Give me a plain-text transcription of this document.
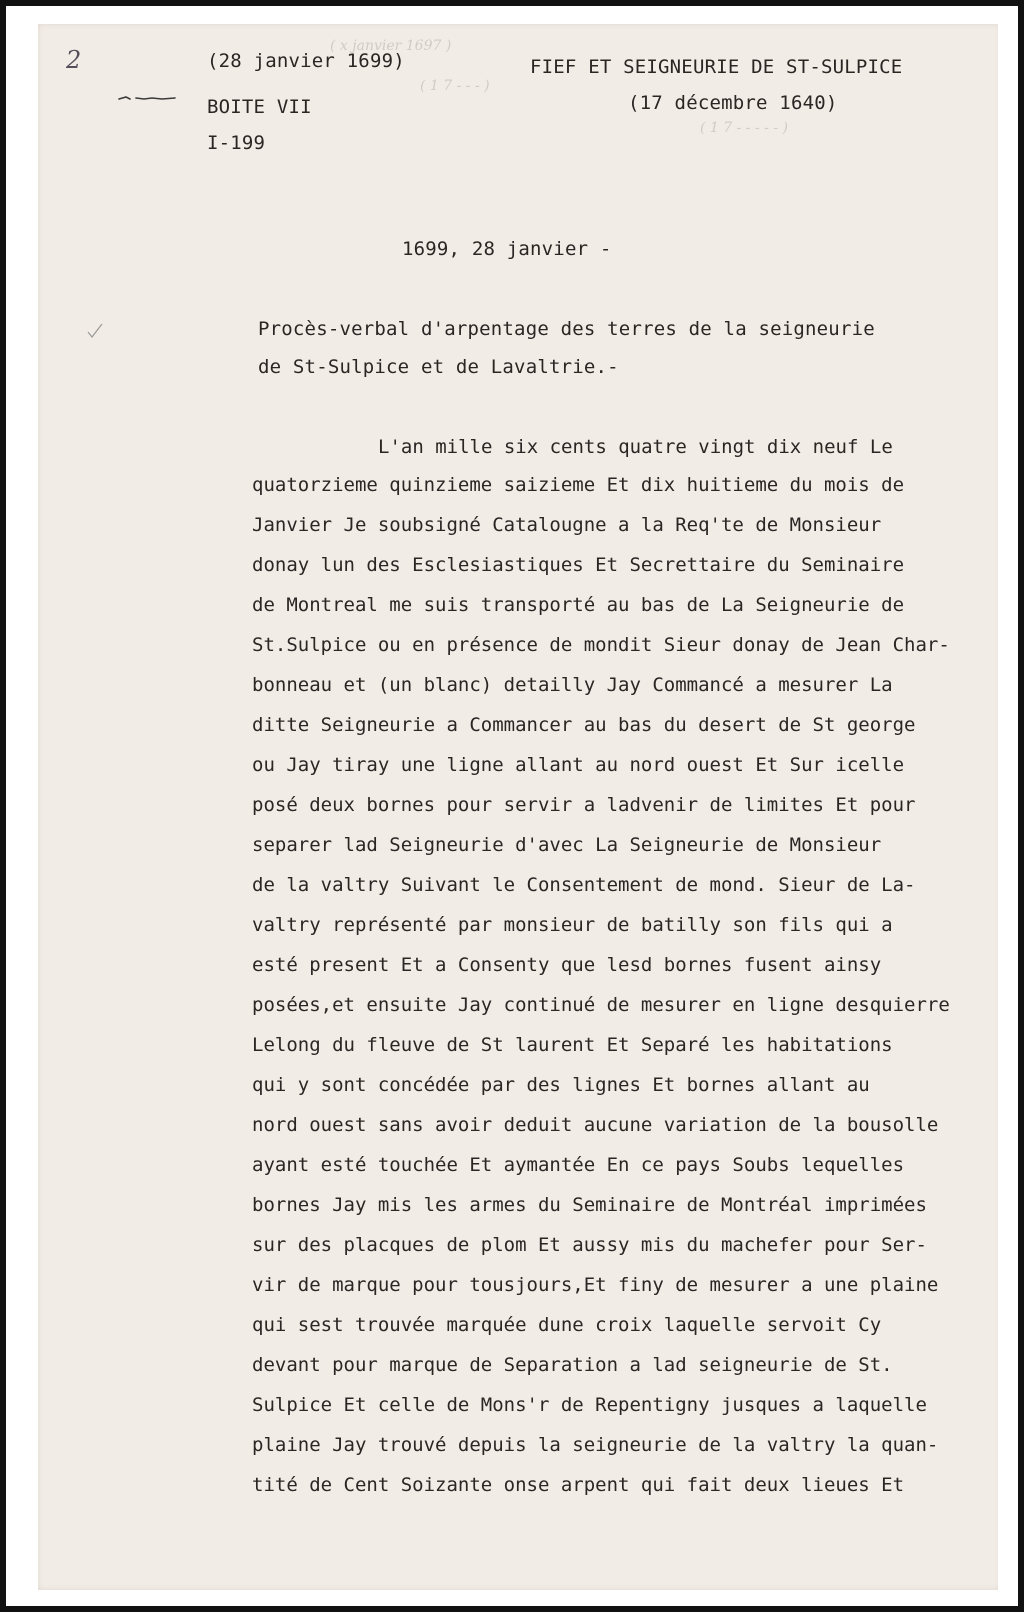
2	( x janvier 1697 )
( 1 7 - - - )
( 1 7 - - - - - )
(28 janvier 1699)
BOITE VII
I-199
FIEF ET SEIGNEURIE DE ST-SULPICE
(17 décembre 1640)
1699, 28 janvier -
Procès-verbal d'arpentage des terres de la seigneurie
de St-Sulpice et de Lavaltrie.-
L'an mille six cents quatre vingt dix neuf Le
quatorzieme quinzieme saizieme Et dix huitieme du mois de
Janvier Je soubsigné Catalougne a la Req'te de Monsieur
donay lun des Esclesiastiques Et Secrettaire du Seminaire
de Montreal me suis transporté au bas de La Seigneurie de
St.Sulpice ou en présence de mondit Sieur donay de Jean Char-
bonneau et (un blanc) detailly Jay Commancé a mesurer La
ditte Seigneurie a Commancer au bas du desert de St george
ou Jay tiray une ligne allant au nord ouest Et Sur icelle
posé deux bornes pour servir a ladvenir de limites Et pour
separer lad Seigneurie d'avec La Seigneurie de Monsieur
de la valtry Suivant le Consentement de mond. Sieur de La-
valtry représenté par monsieur de batilly son fils qui a
esté present Et a Consenty que lesd bornes fusent ainsy
posées,et ensuite Jay continué de mesurer en ligne desquierre
Lelong du fleuve de St laurent Et Separé les habitations
qui y sont concédée par des lignes Et bornes allant au
nord ouest sans avoir deduit aucune variation de la bousolle
ayant esté touchée Et aymantée En ce pays Soubs lequelles
bornes Jay mis les armes du Seminaire de Montréal imprimées
sur des placques de plom Et aussy mis du machefer pour Ser-
vir de marque pour tousjours,Et finy de mesurer a une plaine
qui sest trouvée marquée dune croix laquelle servoit Cy
devant pour marque de Separation a lad seigneurie de St.
Sulpice Et celle de Mons'r de Repentigny jusques a laquelle
plaine Jay trouvé depuis la seigneurie de la valtry la quan-
tité de Cent Soizante onse arpent qui fait deux lieues Et
